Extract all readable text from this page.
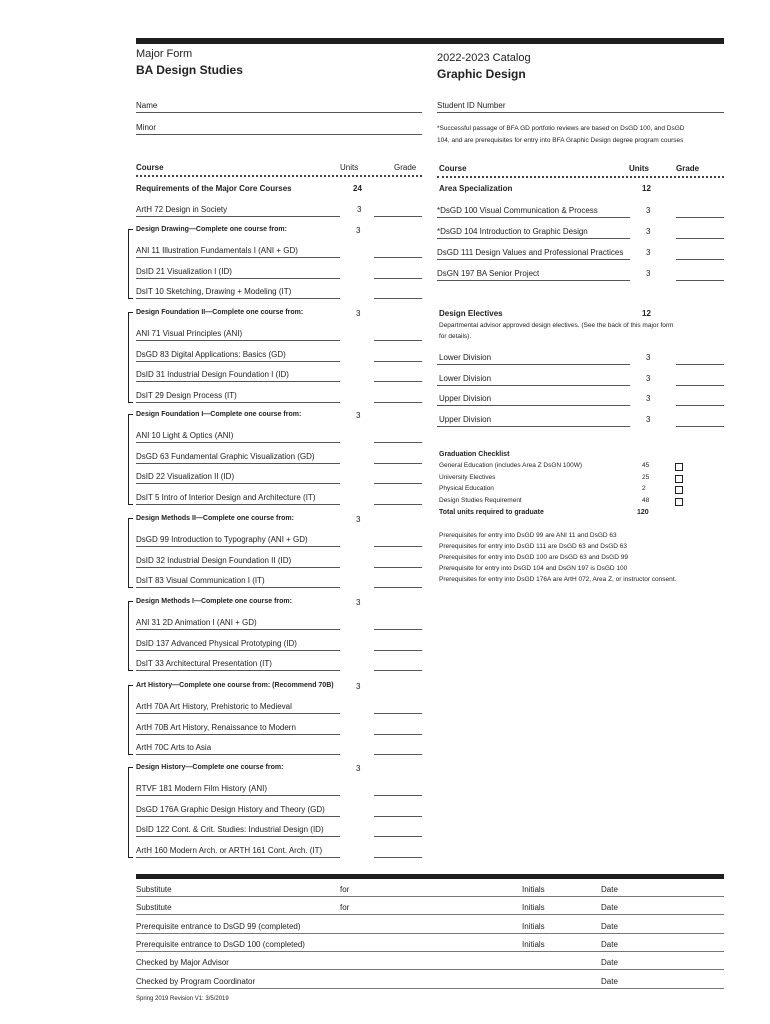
Major Form
BA Design Studies
2022-2023 Catalog
Graphic Design
Name	Student ID Number
Minor	*Successful passage of BFA GD portfolio reviews are based on DsGD 100, and DsGD
104, and are prerequisites for entry into BFA Graphic Design degree program courses
Course	Units	Grade
Requirements of the Major Core Courses	24
ArtH 72 Design in Society	3
Design Drawing—Complete one course from:	3
ANI 11 Illustration Fundamentals I (ANI + GD)
DsID 21 Visualization I (ID)
DsIT 10 Sketching, Drawing + Modeling (IT)
Design Foundation II—Complete one course from:	3
ANI 71 Visual Principles (ANI)
DsGD 83 Digital Applications: Basics (GD)
DsID 31 Industrial Design Foundation I (ID)
DsIT 29 Design Process (IT)
Design Foundation I—Complete one course from:	3
ANI 10 Light & Optics (ANI)
DsGD 63 Fundamental Graphic Visualization (GD)
DsID 22 Visualization II (ID)
DsIT 5 Intro of Interior Design and Architecture (IT)
Design Methods II—Complete one course from:	3
DsGD 99 Introduction to Typography (ANI + GD)
DsID 32 Industrial Design Foundation II (ID)
DsIT 83 Visual Communication I (IT)
Design Methods I—Complete one course from:	3
ANI 31 2D Animation I (ANI + GD)
DsID 137 Advanced Physical Prototyping (ID)
DsIT 33 Architectural Presentation (IT)
Art History—Complete one course from: (Recommend 70B)	3
ArtH 70A Art History, Prehistoric to Medieval
ArtH 70B Art History, Renaissance to Modern
ArtH 70C Arts to Asia
Design History—Complete one course from:	3
RTVF 181 Modern Film History (ANI)
DsGD 176A Graphic Design History and Theory (GD)
DsID 122 Cont. & Crit. Studies: Industrial Design (ID)
ArtH 160 Modern Arch. or ARTH 161 Cont. Arch. (IT)
Course	Units	Grade
Area Specialization	12
*DsGD 100 Visual Communication & Process	3
*DsGD 104 Introduction to Graphic Design	3
DsGD 111 Design Values and Professional Practices	3
DsGN 197 BA Senior Project	3
Design Electives	12
Departmental advisor approved design electives. (See the back of this major form
for details).
Lower Division	3
Lower Division	3
Upper Division	3
Upper Division	3
Graduation Checklist
General Education (includes Area Z DsGN 100W)	45
University Electives	25
Physical Education	2
Design Studies Requirement	48
Total units required to graduate	120
Prerequisites for entry into DsGD 99 are ANI 11 and DsGD 63
Prerequisites for entry into DsGD 111 are DsGD 63 and DsGD 63
Prerequisites for entry into DsGD 100 are DsGD 63 and DsGD 99
Prerequisite for entry into DsGD 104 and DsGN 197 is DsGD 100
Prerequisites for entry into DsGD 176A are ArtH 072, Area Z, or instructor consent.
Substitute	for	Initials	Date
Substitute	for	Initials	Date
Prerequisite entrance to DsGD 99 (completed)	Initials	Date
Prerequisite entrance to DsGD 100 (completed)	Initials	Date
Checked by Major Advisor	Date
Checked by Program Coordinator	Date
Spring 2019 Revision V1: 3/5/2019
